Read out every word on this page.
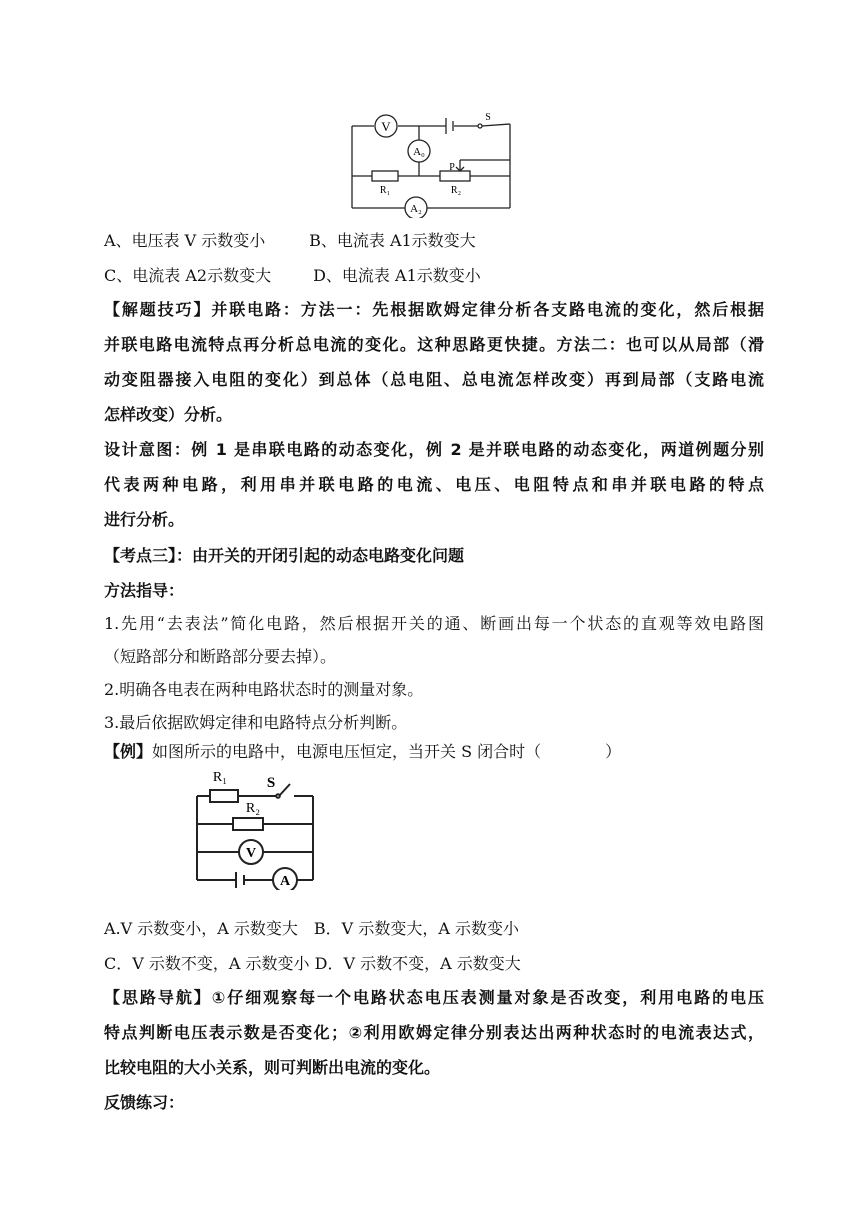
V
A₀
A₂
R₁	R₂
P
S
A、电压表 V 示数变小	B、电流表 A1示数变大
C、电流表 A2示数变大	D、电流表 A1示数变小
【解题技巧】并联电路：方法一：先根据欧姆定律分析各支路电流的变化，然后根据
并联电路电流特点再分析总电流的变化。这种思路更快捷。方法二：也可以从局部（滑
动变阻器接入电阻的变化）到总体（总电阻、总电流怎样改变）再到局部（支路电流
怎样改变）分析。
设计意图：例 1 是串联电路的动态变化，例 2 是并联电路的动态变化，两道例题分别
代表两种电路，利用串并联电路的电流、电压、电阻特点和串并联电路的特点
进行分析。
【考点三】：由开关的开闭引起的动态电路变化问题
方法指导：
1.先用“去表法”简化电路，然后根据开关的通、断画出每一个状态的直观等效电路图
（短路部分和断路部分要去掉）。
2.明确各电表在两种电路状态时的测量对象。
3.最后依据欧姆定律和电路特点分析判断。
【例】如图所示的电路中，电源电压恒定，当开关 S 闭合时（　　　　）
R₁
R₂
S
V
A
A.V 示数变小，A 示数变大　B．V 示数变大，A 示数变小
C．V 示数不变，A 示数变小 D．V 示数不变，A 示数变大
【思路导航】①仔细观察每一个电路状态电压表测量对象是否改变，利用电路的电压
特点判断电压表示数是否变化；②利用欧姆定律分别表达出两种状态时的电流表达式，
比较电阻的大小关系，则可判断出电流的变化。
反馈练习：
